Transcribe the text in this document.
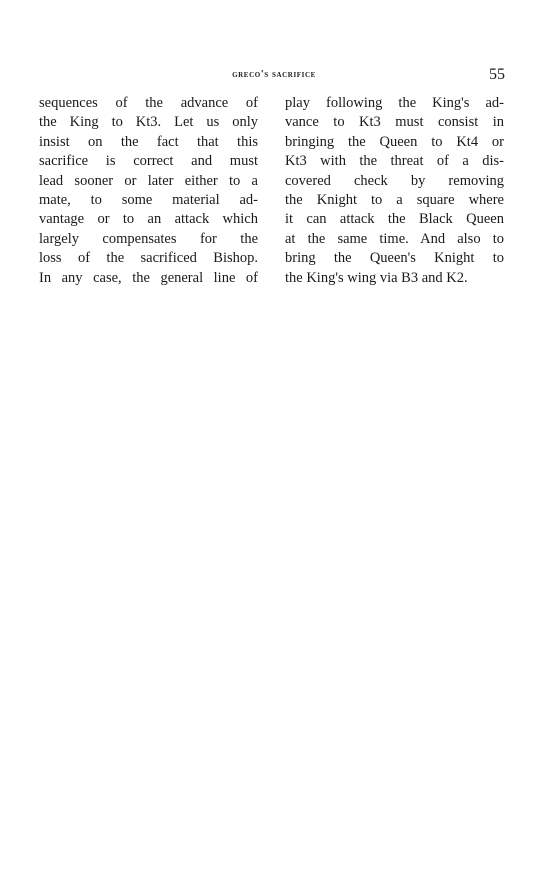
greco's sacrifice	55
sequences of the advance of
the King to Kt3. Let us only
insist on the fact that this
sacrifice is correct and must
lead sooner or later either to a
mate, to some material ad-
vantage or to an attack which
largely compensates for the
loss of the sacrificed Bishop.
In any case, the general line of
play following the King's ad-
vance to Kt3 must consist in
bringing the Queen to Kt4 or
Kt3 with the threat of a dis-
covered check by removing
the Knight to a square where
it can attack the Black Queen
at the same time. And also to
bring the Queen's Knight to
the King's wing via B3 and K2.
